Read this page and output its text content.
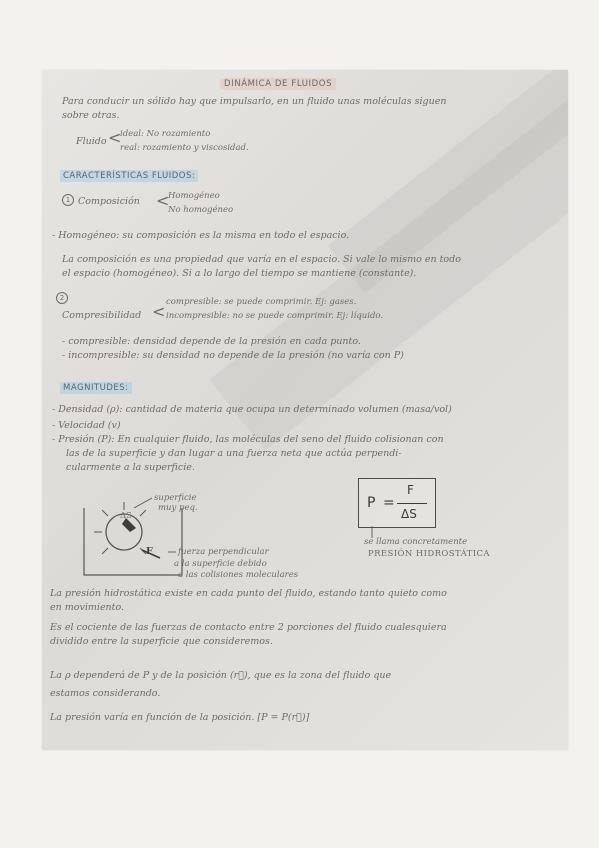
DINÁMICA DE FLUIDOS
Para conducir un sólido hay que impulsarlo, en un fluido unas moléculas siguen
sobre otras.
Fluido <
ideal: No rozamiento
real: rozamiento y viscosidad.
CARACTERÍSTICAS FLUIDOS:
1 Composición <
Homogéneo
No homogéneo
- Homogéneo: su composición es la misma en todo el espacio.
La composición es una propiedad que varía en el espacio. Si vale lo mismo en todo
el espacio (homogéneo). Si a lo largo del tiempo se mantiene (constante).
2
Compresibilidad < compresible: se puede comprimir. Ej: gases.
incompresible: no se puede comprimir. Ej: líquido.
- compresible: densidad depende de la presión en cada punto.
- incompresible: su densidad no depende de la presión (no varía con P)
MAGNITUDES:
- Densidad (ρ): cantidad de materia que ocupa un determinado volumen (masa/vol)
- Velocidad (v)
- Presión (P): En cualquier fluido, las moléculas del seno del fluido colisionan con
las de la superficie y dan lugar a una fuerza neta que actúa perpendi-
cularmente a la superficie.
superficie
muy peq.
ΔS
F	fuerza perpendicular
a la superficie debido
a las colisiones moleculares
P =
F
ΔS
se llama concretamente
PRESIÓN HIDROSTÁTICA
La presión hidrostática existe en cada punto del fluido, estando tanto quieto como
en movimiento.
Es el cociente de las fuerzas de contacto entre 2 porciones del fluido cualesquiera
dividido entre la superficie que consideremos.
La ρ dependerá de P y de la posición (r⃗), que es la zona del fluido que
estamos considerando.
La presión varía en función de la posición. [P = P(r⃗)]
